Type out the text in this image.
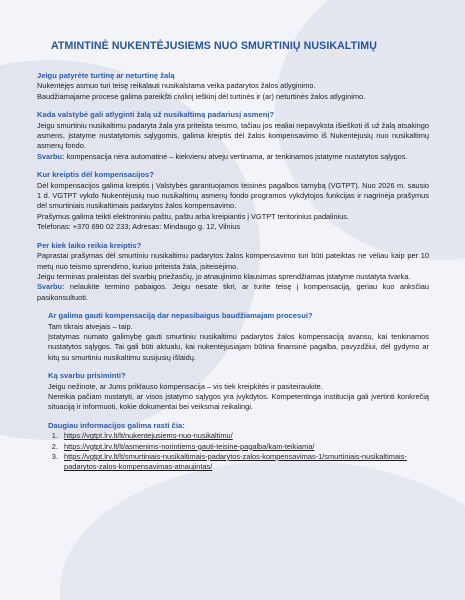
ATMINTINĖ NUKENTĖJUSIEMS NUO SMURTINIŲ NUSIKALTIMŲ
Jeigu patyrėte turtinę ar neturtinę žalą

Nukentėjęs asmuo turi teisę reikalauti nusikalstama veika padarytos žalos atlyginimo.

Baudžiamajame procese galima pareikšti civilinį ieškinį dėl turtinės ir (ar) neturtinės žalos atlyginimo.

Kada valstybė gali atlyginti žalą už nusikaltimą padariusį asmenį?

Jeigu smurtiniu nusikaltimu padaryta žala yra priteista teismo, tačiau jos realiai nepavyksta išieškoti iš už žalą atsakingo asmens, įstatyme nustatytomis sąlygomis, galima kreiptis dėl žalos kompensavimo iš Nukentėjusių nuo nusikaltimų asmenų fondo.

Svarbu: kompensacija nėra automatinė – kiekvienu atveju vertinama, ar tenkinamos įstatyme nustatytos sąlygos.

Kur kreiptis dėl kompensacijos?

Dėl kompensacijos galima kreiptis į Valstybės garantuojamos teisinės pagalbos tarnybą (VGTPT). Nuo 2026 m. sausio 1 d. VGTPT vykdo Nukentėjusių nuo nusikaltimų asmenų fondo programos vykdytojos funkcijas ir nagrinėja prašymus dėl smurtiniais nusikaltimais padarytos žalos kompensavimo.

Prašymus galima teikti elektroniniu paštu, paštu arba kreipiantis į VGTPT teritorinius padalinius.

Telefonas: +370 690 02 233; Adresas: Mindaugo g. 12, Vilnius

Per kiek laiko reikia kreiptis?

Paprastai prašymas dėl smurtiniu nusikaltimu padarytos žalos kompensavimo turi būti pateiktas ne vėliau kaip per 10 metų nuo teismo sprendimo, kuriuo priteista žala, įsiteisėjimo.

Jeigu terminas praleistas dėl svarbių priežasčių, jo atnaujinimo klausimas sprendžiamas įstatyme nustatyta tvarka.

Svarbu: nelaukite termino pabaigos. Jeigu nesate tikri, ar turite teisę į kompensaciją, geriau kuo anksčiau pasikonsultuoti.

Ar galima gauti kompensaciją dar nepasibaigus baudžiamajam procesui?

Tam tikrais atvejais – taip.

Įstatymas numato galimybę gauti smurtiniu nusikaltimu padarytos žalos kompensaciją avansu, kai tenkinamos nustatytos sąlygos. Tai gali būti aktualu, kai nukentėjusiajam būtina finansinė pagalba, pavyzdžiui, dėl gydymo ar kitų su smurtiniu nusikaltimu susijusių išlaidų.

Ką svarbu prisiminti?

Jeigu nežinote, ar Jums priklauso kompensacija – vis tiek kreipkitės ir pasiteiraukite.

Nereikia pačiam nustatyti, ar visos įstatymo sąlygos yra įvykdytos. Kompetentinga institucija gali įvertinti konkrečią situaciją ir informuoti, kokie dokumentai bei veiksmai reikalingi.

Daugiau informacijos galima rasti čia:
1. https://vgtpt.lrv.lt/lt/nukentejusiems-nuo-nusikaltimu/
2. https://vgtpt.lrv.lt/lt/asmenims-norintiems-gauti-teisine-pagalba/kam-teikiama/
3. https://vgtpt.lrv.lt/lt/smurtiniais-nusikaltimais-padarytos-zalos-kompensavimas-1/smurtiniais-nusikaltimais-padarytos-zalos-kompensavimas-atnaujintas/
